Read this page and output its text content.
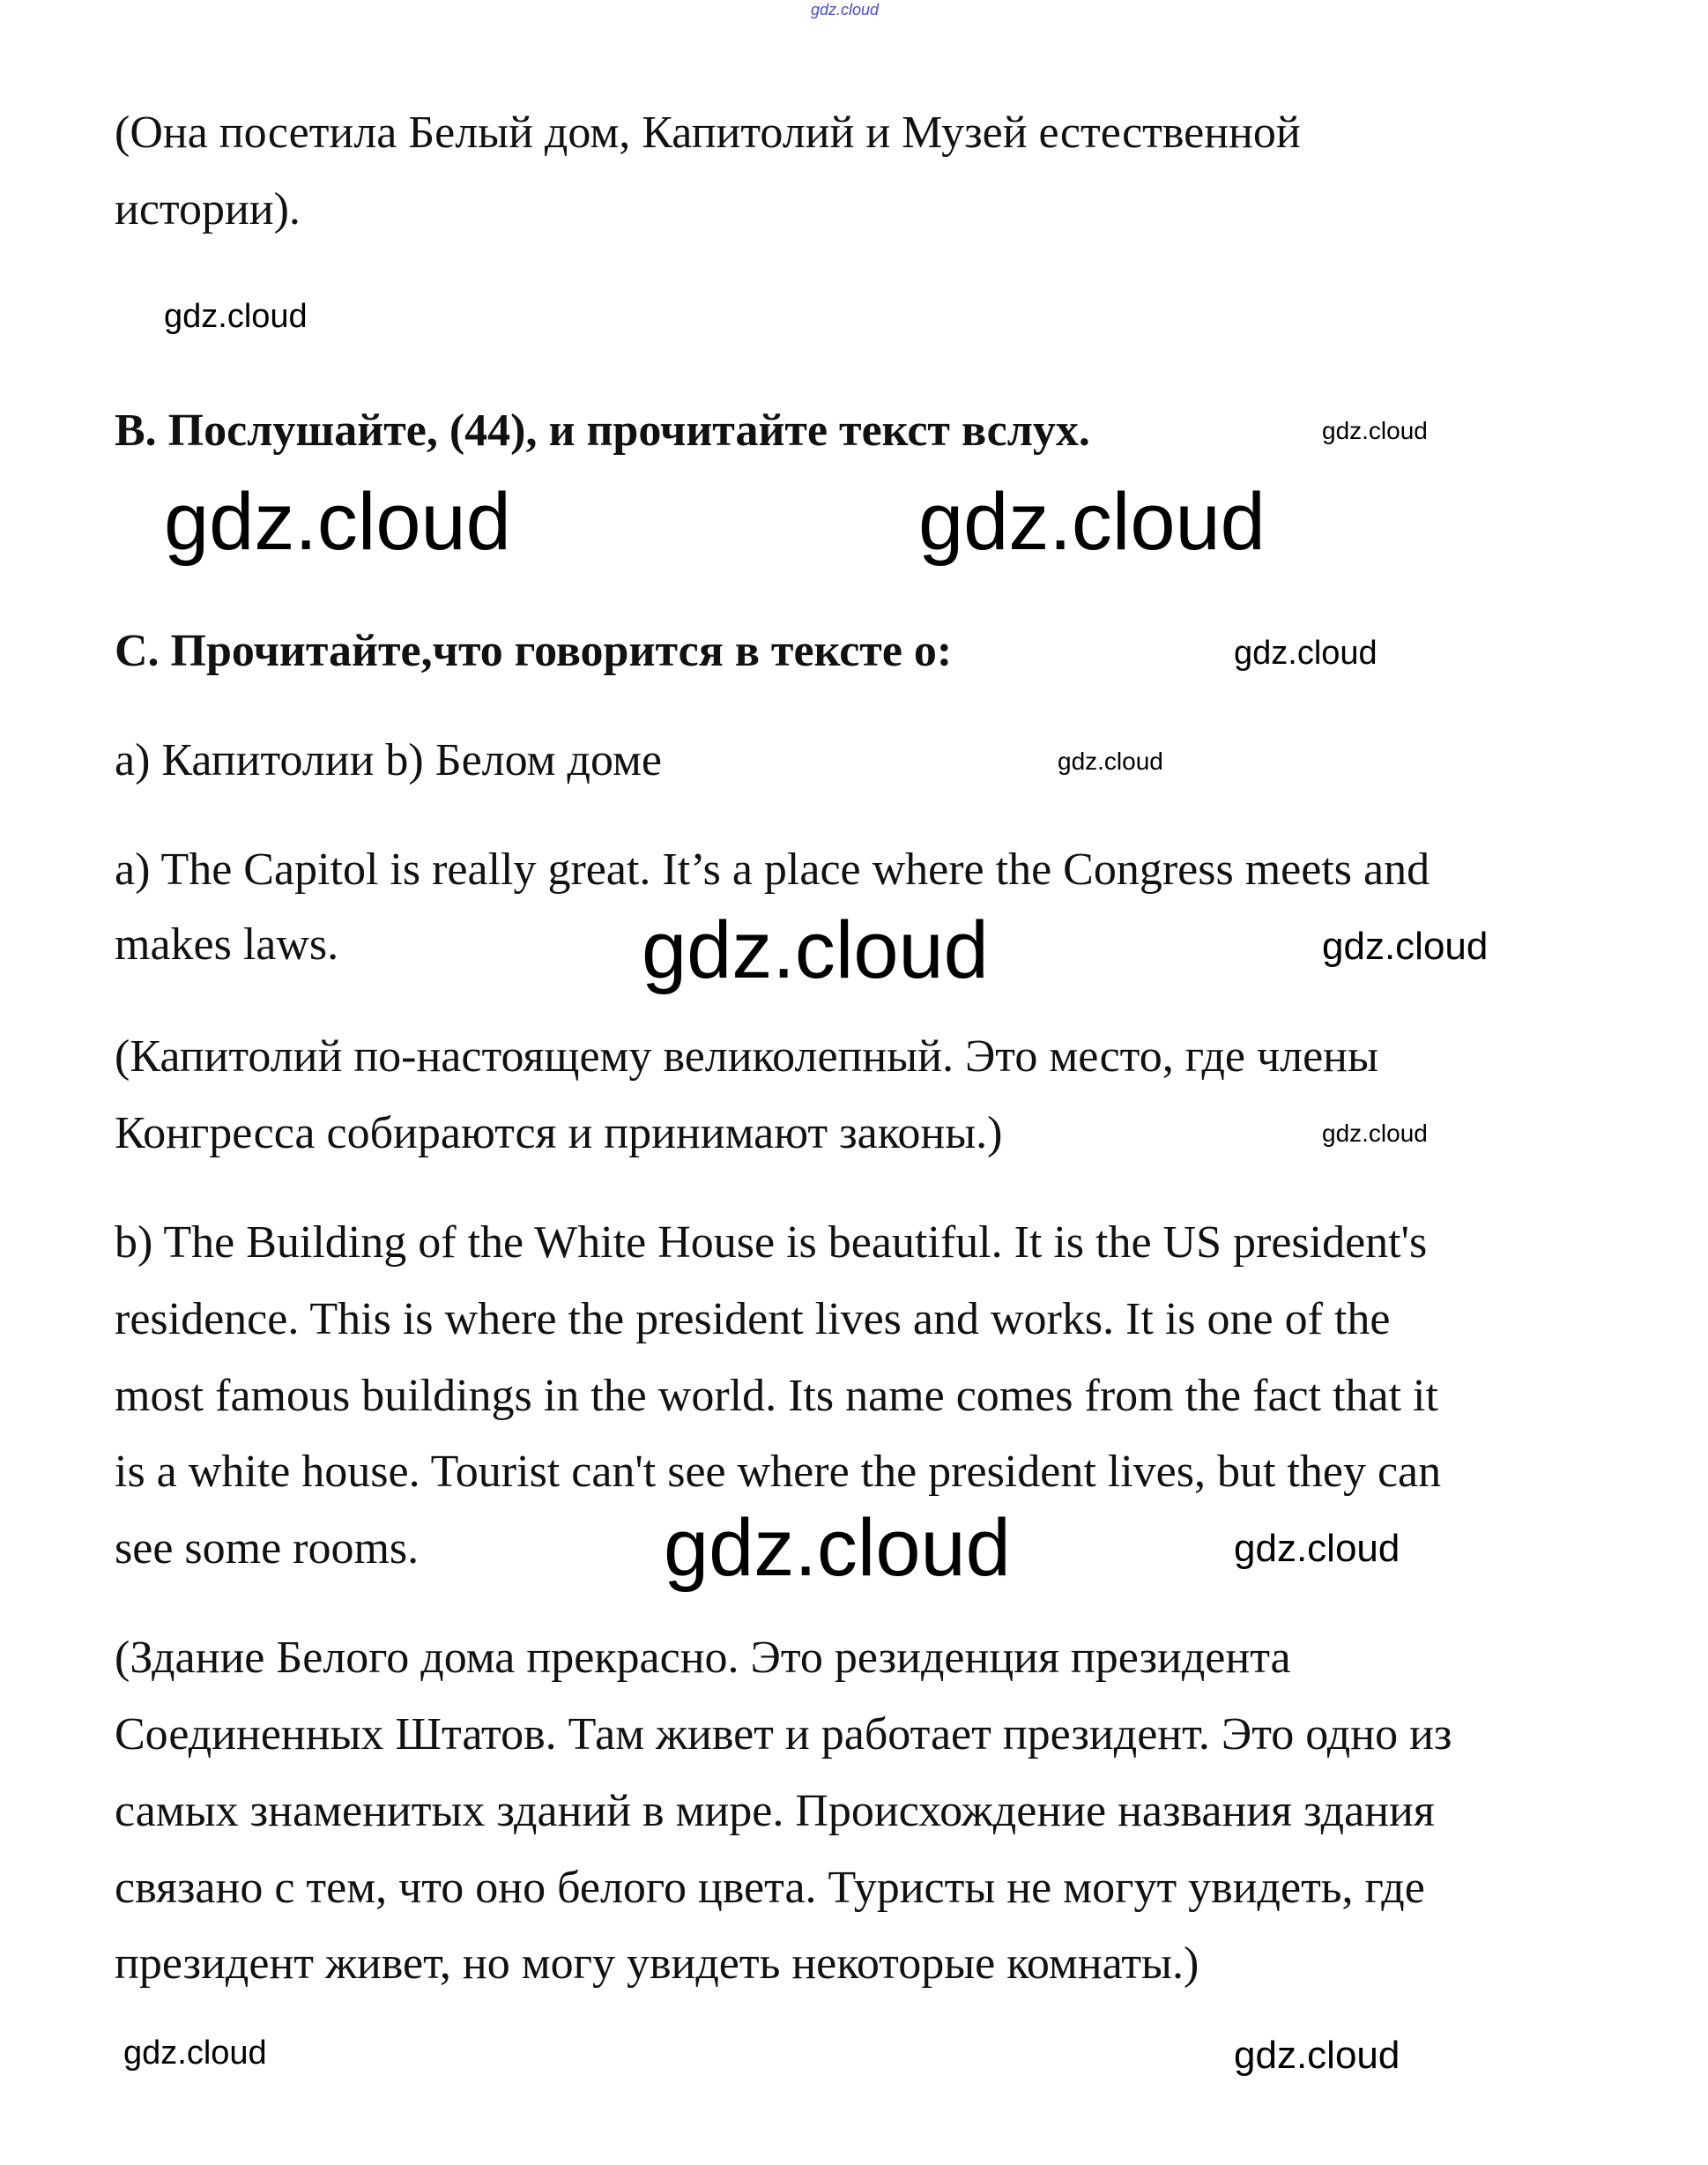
gdz.cloud
(Она посетила Белый дом, Капитолий и Музей естественной
истории).
gdz.cloud
B. Послушайте, (44), и прочитайте текст вслух.	gdz.cloud
gdz.cloud	gdz.cloud
C. Прочитайте,что говорится в тексте о:	gdz.cloud
a) Капитолии b) Белом доме	gdz.cloud
a) The Capitol is really great. It’s a place where the Congress meets and
makes laws.	gdz.cloud	gdz.cloud
(Капитолий по-настоящему великолепный. Это место, где члены
Конгресса собираются и принимают законы.)	gdz.cloud
b) The Building of the White House is beautiful. It is the US president's
residence. This is where the president lives and works. It is one of the
most famous buildings in the world. Its name comes from the fact that it
is a white house. Tourist can't see where the president lives, but they can
see some rooms.	gdz.cloud	gdz.cloud
(Здание Белого дома прекрасно. Это резиденция президента
Соединенных Штатов. Там живет и работает президент. Это одно из
самых знаменитых зданий в мире. Происхождение названия здания
связано с тем, что оно белого цвета. Туристы не могут увидеть, где
президент живет, но могу увидеть некоторые комнаты.)
gdz.cloud	gdz.cloud
